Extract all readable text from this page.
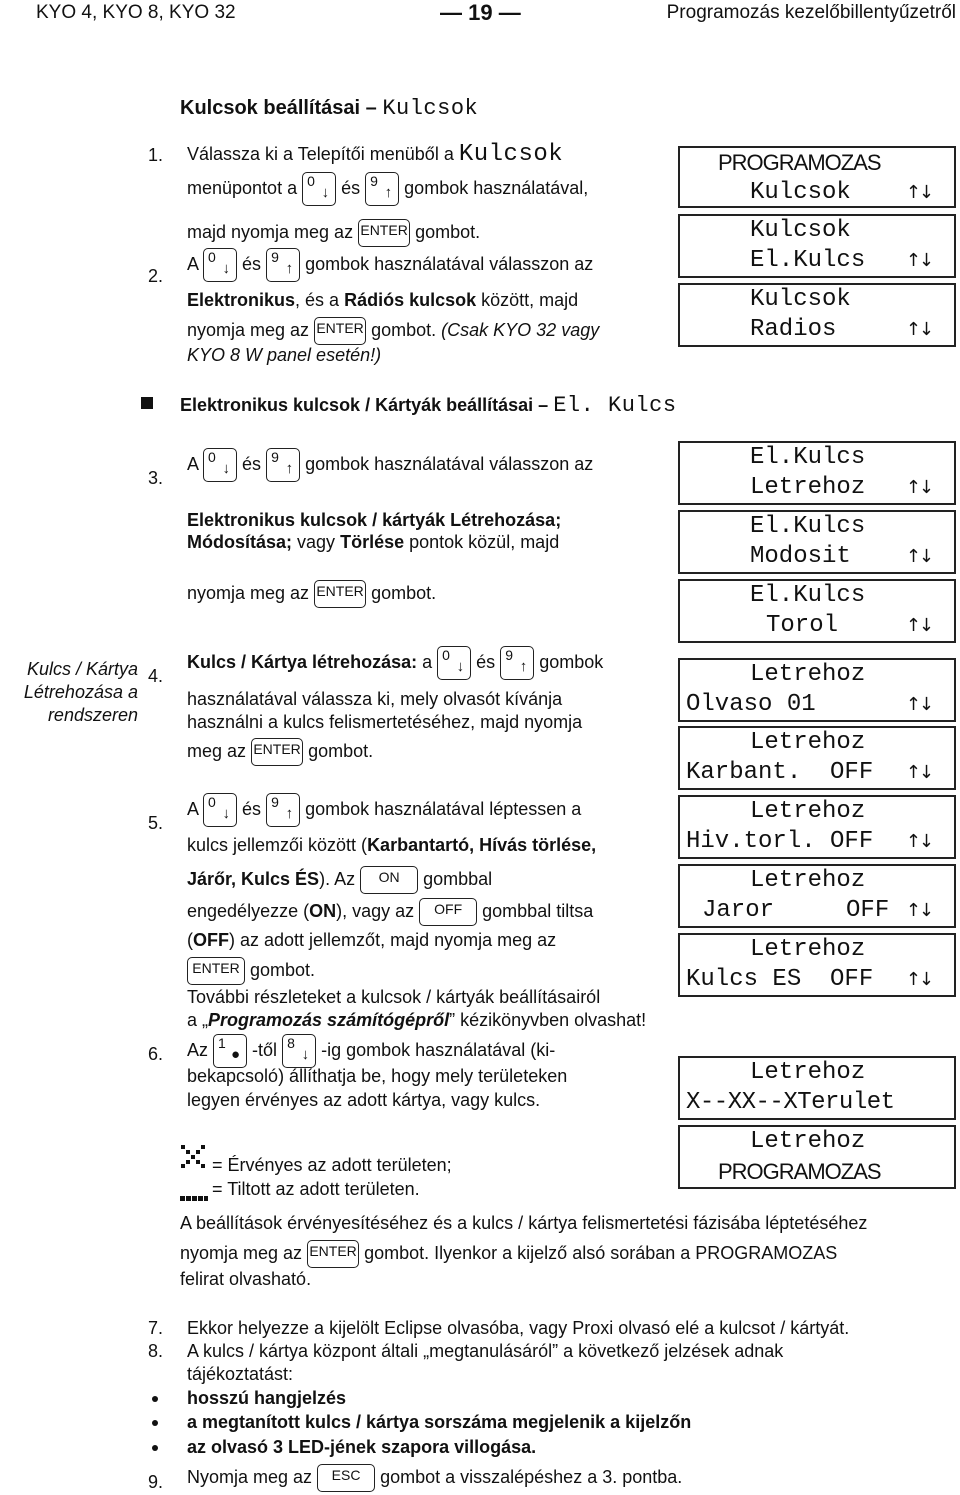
KYO 4, KYO 8, KYO 32	— 19 —	Programozás kezelőbillentyűzetről
Kulcsok beállításai – Kulcsok
1. Válassza ki a Telepítői menüből a Kulcsok
menüpontot a 0
↓ és 9
↑ gombok használatával,
majd nyomja meg az ENTER gombot.
2.
A 0
↓ és 9
↑ gombok használatával válasszon az
Elektronikus, és a Rádiós kulcsok között, majd
nyomja meg az ENTER gombot. (Csak KYO 32 vagy
KYO 8 W panel esetén!)
Elektronikus kulcsok / Kártyák beállításai – El. Kulcs
3.
A 0
↓ és 9
↑ gombok használatával válasszon az
Elektronikus kulcsok / kártyák Létrehozása;
Módosítása; vagy Törlése pontok közül, majd
nyomja meg az ENTER gombot.
Kulcs / Kártya
Létrehozása a
rendszeren
4.
Kulcs / Kártya létrehozása: a 0
↓ és 9
↑ gombok
használatával válassza ki, mely olvasót kívánja
használni a kulcs felismertetéséhez, majd nyomja
meg az ENTER gombot.
5.
A 0
↓ és 9
↑ gombok használatával léptessen a
kulcs jellemzői között (Karbantartó, Hívás törlése,
Járőr, Kulcs ÉS). Az	ON	gombbal
engedélyezze (ON), vagy az	OFF	gombbal tiltsa
(OFF) az adott jellemzőt, majd nyomja meg az
ENTER gombot.
További részleteket a kulcsok / kártyák beállításairól
a „Programozás számítógépről” kézikönyvben olvashat!
6. Az 1
● -től 8
↓ -ig gombok használatával (ki-
bekapcsoló) állíthatja be, hogy mely területeken
legyen érvényes az adott kártya, vagy kulcs.
= Érvényes az adott területen;
= Tiltott az adott területen.
A beállítások érvényesítéséhez és a kulcs / kártya felismertetési fázisába léptetéséhez
nyomja meg az ENTER gombot. Ilyenkor a kijelző alsó sorában a PROGRAMOZAS
felirat olvasható.
7. Ekkor helyezze a kijelölt Eclipse olvasóba, vagy Proxi olvasó elé a kulcsot / kártyát.
8. A kulcs / kártya központ általi „megtanulásáról” a következő jelzések adnak
tájékoztatást:
hosszú hangjelzés
a megtanított kulcs / kártya sorszáma megjelenik a kijelzőn
az olvasó 3 LED-jének szapora villogása.
9. Nyomja meg az	ESC	gombot a visszalépéshez a 3. pontba.
PROGRAMOZAS
Kulcsok	↑↓
Kulcsok
El.Kulcs ↑↓
Kulcsok
Radios	↑↓
El.Kulcs
Letrehoz ↑↓
El.Kulcs
Modosit	↑↓
El.Kulcs
Torol	↑↓
Letrehoz
Olvaso 01	↑↓
Letrehoz
Karbant.  OFF ↑↓
Letrehoz
Hiv.torl. OFF ↑↓
Letrehoz
Jaror     OFF ↑↓
Letrehoz
Kulcs ES  OFF ↑↓
Letrehoz
X--XX--XTerulet
Letrehoz
PROGRAMOZAS
